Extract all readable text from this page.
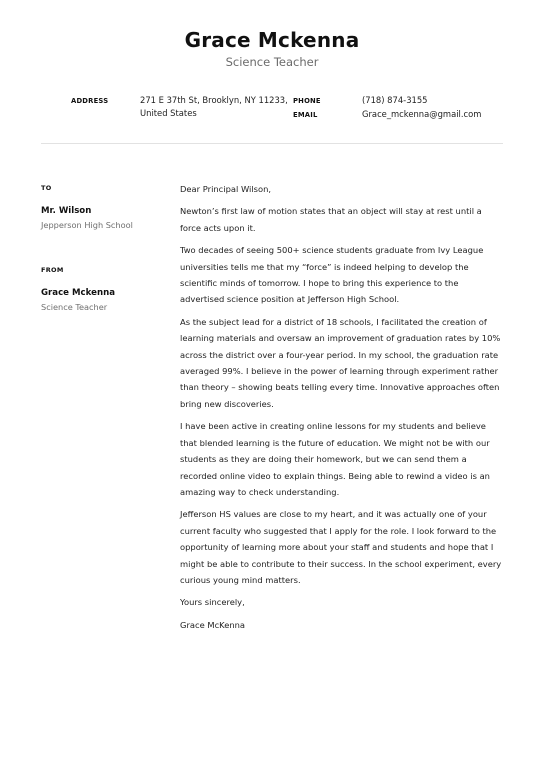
Grace Mckenna
Science Teacher
ADDRESS	271 E 37th St, Brooklyn, NY 11233,
United States
PHONE	(718) 874-3155
EMAIL	Grace_mckenna@gmail.com
TO
Mr. Wilson
Jepperson High School
FROM
Grace Mckenna
Science Teacher

Dear Principal Wilson,

Newton’s first law of motion states that an object will stay at rest until a force acts upon it.

Two decades of seeing 500+ science students graduate from Ivy League universities tells me that my “force” is indeed helping to develop the scientific minds of tomorrow. I hope to bring this experience to the advertised science position at Jefferson High School.

As the subject lead for a district of 18 schools, I facilitated the creation of learning materials and oversaw an improvement of graduation rates by 10% across the district over a four-year period. In my school, the graduation rate averaged 99%. I believe in the power of learning through experiment rather than theory – showing beats telling every time. Innovative approaches often bring new discoveries.

I have been active in creating online lessons for my students and believe that blended learning is the future of education. We might not be with our students as they are doing their homework, but we can send them a recorded online video to explain things. Being able to rewind a video is an amazing way to check understanding.

Jefferson HS values are close to my heart, and it was actually one of your current faculty who suggested that I apply for the role. I look forward to the opportunity of learning more about your staff and students and hope that I might be able to contribute to their success. In the school experiment, every curious young mind matters.

Yours sincerely,

Grace McKenna
